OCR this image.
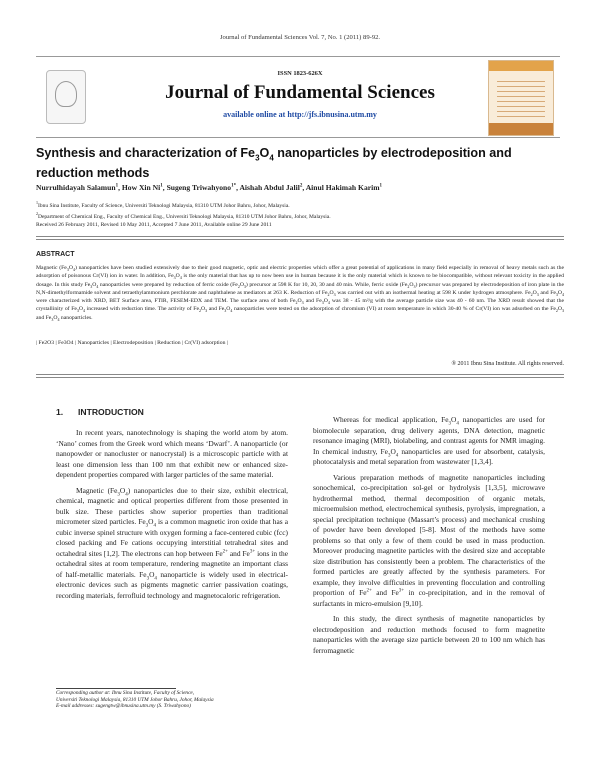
Journal of Fundamental Sciences Vol. 7, No. 1 (2011) 89-92.
ISSN 1823-626X
Journal of Fundamental Sciences
available online at http://jfs.ibnusina.utm.my
Synthesis and characterization of $Fe_3O_4$ nanoparticles by electrodeposition and reduction methods
Nurrulhidayah Salamun$^1$, How Xin Ni$^1$, Sugeng Triwahyono$^{1*}$, Aishah Abdul Jalil$^2$, Ainul Hakimah Karim$^1$
$^1$Ibnu Sina Institute, Faculty of Science, Universiti Teknologi Malaysia, 81310 UTM Johor Bahru, Johor, Malaysia.
$^2$Department of Chemical Eng., Faculty of Chemical Eng., Universiti Teknologi Malaysia, 81310 UTM Johor Bahru, Johor, Malaysia.
Received 26 February 2011, Revised 10 May 2011, Accepted 7 June 2011, Available online 29 June 2011
ABSTRACT
Magnetic $(Fe_3O_4)$ nanoparticles have been studied extensively due to their good magnetic, optic and electric properties which offer a great potential of applications in many field especially in removal of heavy metals such as the adsorption of poisonous Cr(VI) ion in water. In addition, $Fe_3O_4$ is the only material that has up to now been use in human because it is the only material which is known to be biocompatible, without relevant toxicity in the applied dosage. In this study $Fe_3O_4$ nanoparticles were prepared by reduction of ferric oxide $(Fe_2O_3)$ precursor at 598 K for 10, 20, 30 and 40 min. While, ferric oxide $(Fe_2O_3)$ precursor was prepared by electrodeposition of iron plate in the N,N-dimethylformamide solvent and tetraethylammonium perchlorate and naphthalene as mediators at 263 K. Reduction of $Fe_2O_3$ was carried out with an isothermal heating at 598 K under hydrogen atmosphere. $Fe_2O_3$ and $Fe_3O_4$ were characterized with XRD, BET Surface area, FTIR, FESEM-EDX and TEM. The surface area of both $Fe_2O_3$ and $Fe_3O_4$ was 38 - 45 m²/g with the average particle size was 40 - 60 nm. The XRD result showed that the crystallinity of $Fe_3O_4$ increased with reduction time. The activity of $Fe_2O_3$ and $Fe_3O_4$ nanoparticles were tested on the adsorption of chromium (VI) at room temperature in which 30-40 % of Cr(VI) ion was adsorbed on the $Fe_2O_3$ and $Fe_3O_4$ nanoparticles.
| Fe2O3 | Fe3O4 | Nanoparticles | Electrodeposition | Reduction | Cr(VI) adsorption |
® 2011 Ibnu Sina Institute. All rights reserved.
1. INTRODUCTION

In recent years, nanotechnology is shaping the world atom by atom. ‘Nano’ comes from the Greek word which means ‘Dwarf’. A nanoparticle (or nanopowder or nanocluster or nanocrystal) is a microscopic particle with at least one dimension less than 100 nm that exhibit new or enhanced size-dependent properties compared with larger particles of the same material.

Magnetic $(Fe_3O_4)$ nanoparticles due to their size, exhibit electrical, chemical, magnetic and optical properties different from those presented in bulk size. These particles show superior properties than traditional micrometer sized particles. $Fe_3O_4$ is a common magnetic iron oxide that has a cubic inverse spinel structure with oxygen forming a face-centered cubic (fcc) closed packing and Fe cations occupying interstitial tetrahedral sites and octahedral sites [1,2]. The electrons can hop between $Fe^{2+}$ and $Fe^{3+}$ ions in the octahedral sites at room temperature, rendering magnetite an important class of half-metallic materials. $Fe_3O_4$ nanoparticle is widely used in electrical-electronic devices such as pigments magnetic carrier passivation coatings, recording materials, ferrofluid technology and magnetocaloric refrigeration.

Corresponding author at: Ibnu Sina Institute, Faculty of Science,
Universiti Teknologi Malaysia, 81310 UTM Johor Bahru, Johor, Malaysia
E-mail addresses: sugengtw@ibnusina.utm.my (S. Triwahyono)

Whereas for medical application, $Fe_3O_4$ nanoparticles are used for biomolecule separation, drug delivery agents, DNA detection, magnetic resonance imaging (MRI), biolabeling, and contrast agents for NMR imaging. In chemical industry, $Fe_3O_4$ nanoparticles are used for absorbent, catalysis, photocatalysis and metal separation from wastewater [1,3,4].

Various preparation methods of magnetite nanoparticles including sonochemical, co-precipitation sol-gel or hydrolysis [1,3,5], microwave hydrothermal method, thermal decomposition of organic metals, microemulsion method, electrochemical synthesis, pyrolysis, impregnation, a special precipitation technique (Massart’s process) and mechanical crushing of powder have been developed [5-8]. Most of the methods have some problems so that only a few of them could be used in mass production. Moreover producing magnetite particles with the desired size and acceptable size distribution has consistently been a problem. The characteristics of the formed particles are greatly affected by the synthesis parameters. For example, they involve difficulties in preventing flocculation and controlling proportion of $Fe^{2+}$ and $Fe^{3+}$ in co-precipitation, and in the removal of surfactants in micro-emulsion [9,10].

In this study, the direct synthesis of magnetite nanoparticles by electrodeposition and reduction methods focused to form magnetite nanoparticles with the average size particle between 20 to 100 nm which has ferromagnetic
